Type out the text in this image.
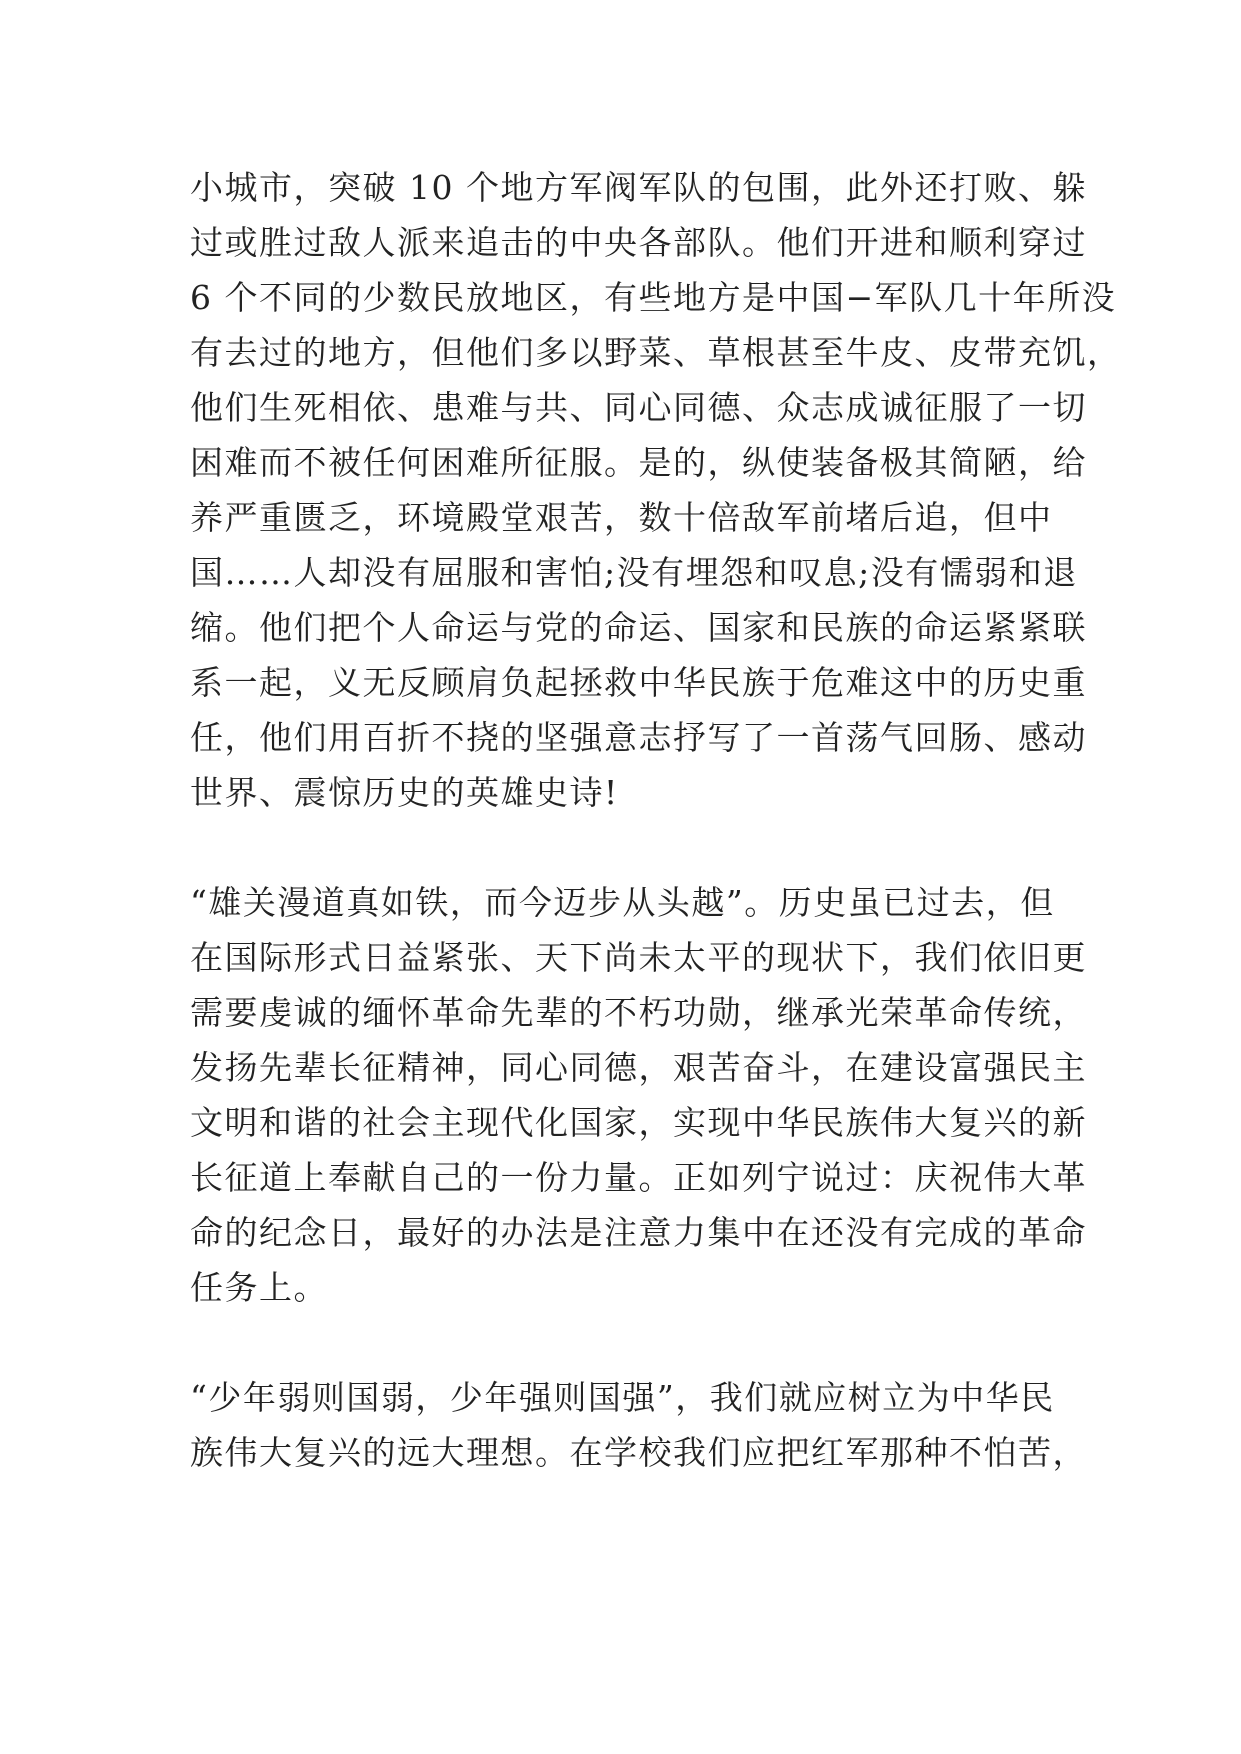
小城市，突破 10 个地方军阀军队的包围，此外还打败、躲
过或胜过敌人派来追击的中央各部队。他们开进和顺利穿过
6 个不同的少数民放地区，有些地方是中国−军队几十年所没
有去过的地方，但他们多以野菜、草根甚至牛皮、皮带充饥，
他们生死相依、患难与共、同心同德、众志成诚征服了一切
困难而不被任何困难所征服。是的，纵使装备极其简陋，给
养严重匮乏，环境殿堂艰苦，数十倍敌军前堵后追，但中
国……人却没有屈服和害怕;没有埋怨和叹息;没有懦弱和退
缩。他们把个人命运与党的命运、国家和民族的命运紧紧联
系一起，义无反顾肩负起拯救中华民族于危难这中的历史重
任，他们用百折不挠的坚强意志抒写了一首荡气回肠、感动
世界、震惊历史的英雄史诗!
“雄关漫道真如铁，而今迈步从头越”。历史虽已过去，但
在国际形式日益紧张、天下尚未太平的现状下，我们依旧更
需要虔诚的缅怀革命先辈的不朽功勋，继承光荣革命传统，
发扬先辈长征精神，同心同德，艰苦奋斗，在建设富强民主
文明和谐的社会主现代化国家，实现中华民族伟大复兴的新
长征道上奉献自己的一份力量。正如列宁说过：庆祝伟大革
命的纪念日，最好的办法是注意力集中在还没有完成的革命
任务上。
“少年弱则国弱，少年强则国强”，我们就应树立为中华民
族伟大复兴的远大理想。在学校我们应把红军那种不怕苦，
